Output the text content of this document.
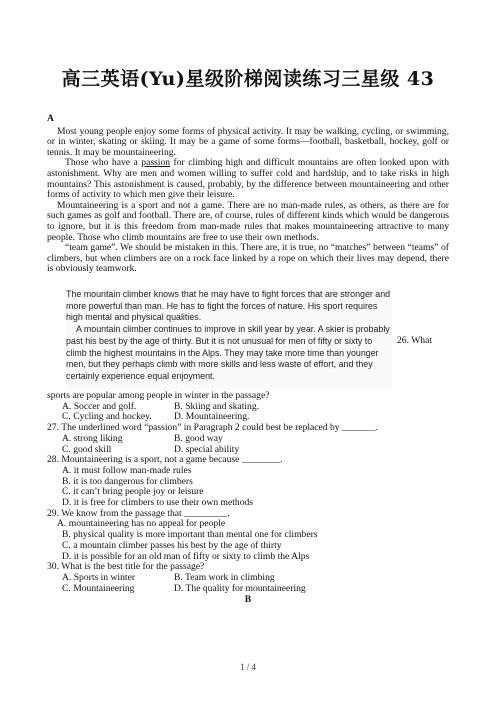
高三英语(Yu)星级阶梯阅读练习三星级 43

A

Most young people enjoy some forms of physical activity. It may be walking, cycling, or swimming, or in winter, skating or skiing. It may be a game of some forms—football, basketball, hockey, golf or tennis. It may be mountaineering.

Those who have a passion for climbing high and difficult mountains are often looked upon with astonishment. Why are men and women willing to suffer cold and hardship, and to take risks in high mountains? This astonishment is caused, probably, by the difference between mountaineering and other forms of activity to which men give their leisure.

Mountaineering is a sport and not a game. There are no man-made rules, as others, as there are for such games as golf and football. There are, of course, rules of different kinds which would be dangerous to ignore, but it is this freedom from man-made rules that makes mountaineering attractive to many people. Those who climb mountains are free to use their own methods.

“team game”. We should be mistaken in this. There are, it is true, no “matches” between “teams” of climbers, but when climbers are on a rock face linked by a rope on which their lives may depend, there is obviously teamwork.

The mountain climber knows that he may have to fight forces that are stronger and more powerful than man. He has to fight the forces of nature. His sport requires high mental and physical qualities.

A mountain climber continues to improve in skill year by year. A skier is probably past his best by the age of thirty. But it is not unusual for men of fifty or sixty to climb the highest mountains in the Alps. They may take more time than younger men, but they perhaps climb with more skills and less waste of effort, and they certainly experience equal enjoyment.

26. What

sports are popular among people in winter in the passage?

A. Soccer and golf.	B. Skiing and skating.
C. Cycling and hockey.	D. Mountaineering.

27. The underlined word “passion” in Paragraph 2 could best be replaced by _______.

A. strong liking	B. good way
C. good skill	D. special ability

28. Mountaineering is a sport, not a game because ________.

A. it must follow man-made rules

B. it is too dangerous for climbers

C. it can’t bring people joy or leisure

D. it is free for climbers to use their own methods

29. We know from the passage that _________.

A. mountaineering has no appeal for people

B. physical quality is more important than mental one for climbers

C. a mountain climber passes his best by the age of thirty

D. it is possible for an old man of fifty or sixty to climb the Alps

30. What is the best title for the passage?

A. Sports in winter	B. Team work in climbing
C. Mountaineering	D. The quality for mountaineering
B
1 / 4
